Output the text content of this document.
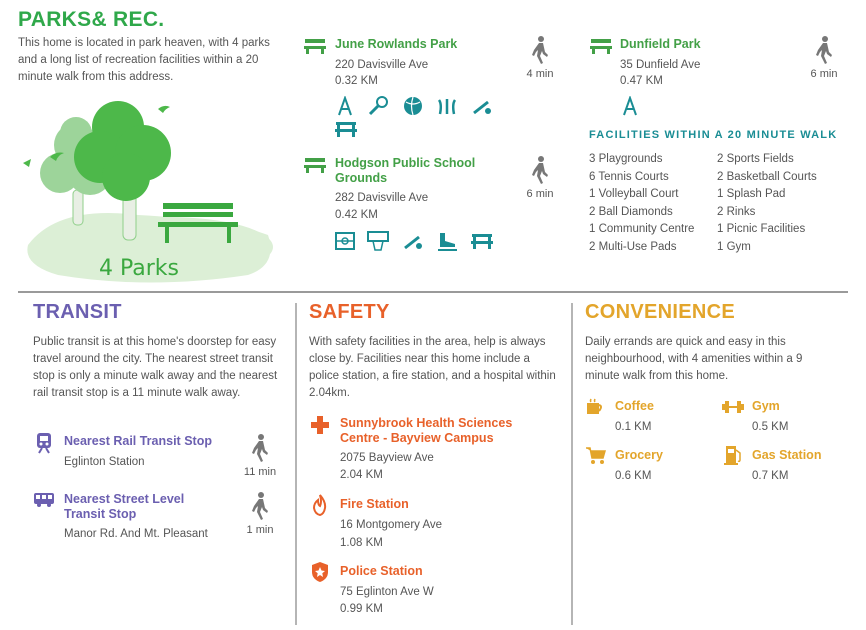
PARKS& REC.
This home is located in park heaven, with 4 parks and a long list of recreation facilities within a 20 minute walk from this address.
4 Parks
June Rowlands Park
220 Davisville Ave
0.32 KM
4 min

Dunfield Park
35 Dunfield Ave
0.47 KM
6 min
FACILITIES WITHIN A 20 MINUTE WALK
3 Playgrounds
6 Tennis Courts
1 Volleyball Court
2 Ball Diamonds
1 Community Centre
2 Multi-Use Pads
2 Sports Fields
2 Basketball Courts
1 Splash Pad
2 Rinks
1 Picnic Facilities
1 Gym
Hodgson Public School Grounds
282 Davisville Ave
0.42 KM
6 min

TRANSIT
Public transit is at this home's doorstep for easy travel around the city. The nearest street transit stop is only a minute walk away and the nearest rail transit stop is a 11 minute walk away.
Nearest Rail Transit Stop
Eglinton Station
11 min
Nearest Street Level Transit Stop
Manor Rd. And Mt. Pleasant	1 min
SAFETY
With safety facilities in the area, help is always close by. Facilities near this home include a police station, a fire station, and a hospital within 2.04km.
Sunnybrook Health Sciences Centre - Bayview Campus
2075 Bayview Ave
2.04 KM
Fire Station
16 Montgomery Ave
1.08 KM
Police Station
75 Eglinton Ave W
0.99 KM
CONVENIENCE
Daily errands are quick and easy in this neighbourhood, with 4 amenities within a 9 minute walk from this home.
Coffee
0.1 KM
Gym
0.5 KM
Grocery
0.6 KM
Gas Station
0.7 KM
